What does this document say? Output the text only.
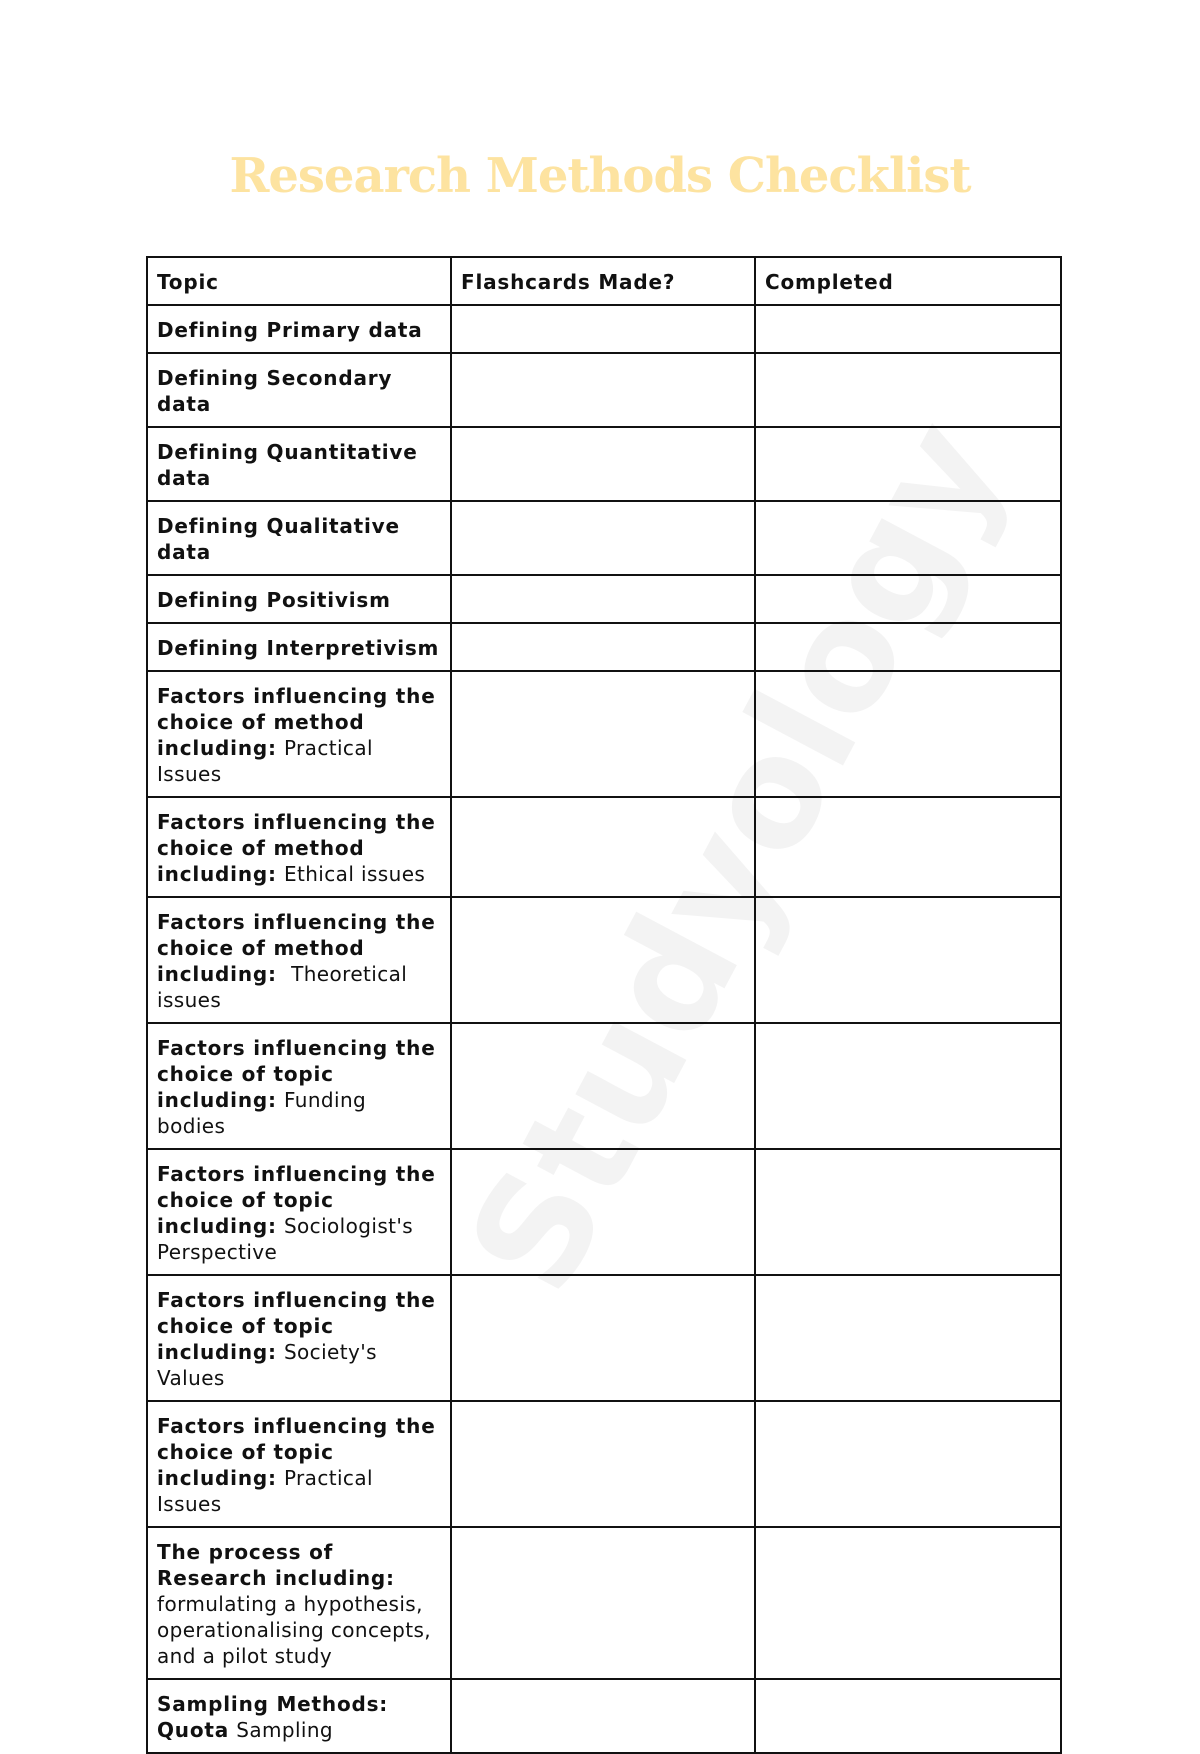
Research Methods Checklist
Topic	Flashcards Made?	Completed
Defining Primary data		
Defining Secondary data		
Defining Quantitative data		
Defining Qualitative data		
Defining Positivism		
Defining Interpretivism		
Factors influencing the choice of method including: Practical Issues		
Factors influencing the choice of method including: Ethical issues		
Factors influencing the choice of method including: Theoretical issues		
Factors influencing the choice of topic including: Funding bodies		
Factors influencing the choice of topic including: Sociologist's Perspective		
Factors influencing the choice of topic including: Society's Values		
Factors influencing the choice of topic including: Practical Issues		
The process of Research including: formulating a hypothesis, operationalising concepts, and a pilot study		
Sampling Methods: Quota Sampling		
